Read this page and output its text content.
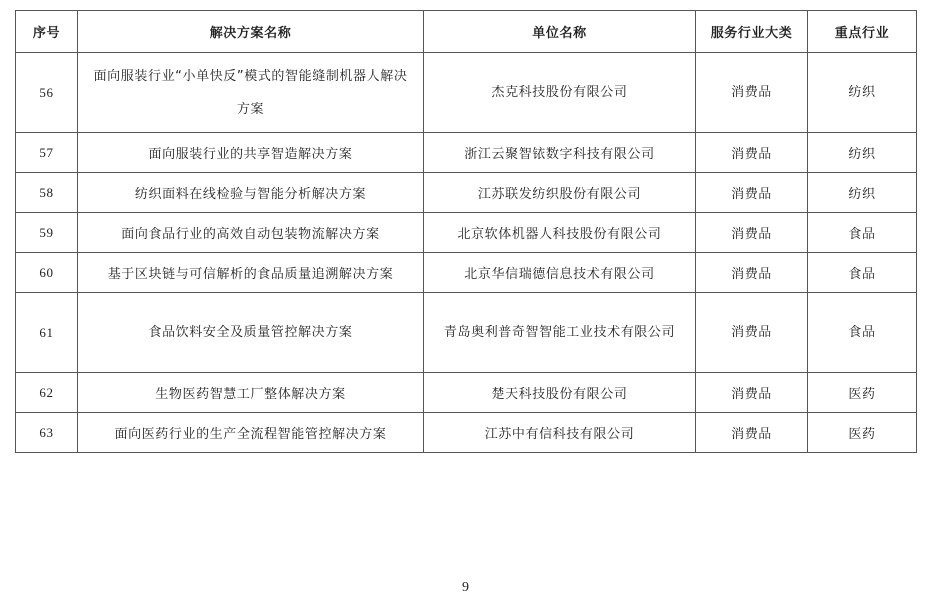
序号	解决方案名称	单位名称	服务行业大类	重点行业
56	面向服装行业“小单快反”模式的智能缝制机器人解决方案	杰克科技股份有限公司	消费品	纺织
57	面向服装行业的共享智造解决方案	浙江云聚智铱数字科技有限公司	消费品	纺织
58	纺织面料在线检验与智能分析解决方案	江苏联发纺织股份有限公司	消费品	纺织
59	面向食品行业的高效自动包装物流解决方案	北京软体机器人科技股份有限公司	消费品	食品
60	基于区块链与可信解析的食品质量追溯解决方案	北京华信瑞德信息技术有限公司	消费品	食品
61	食品饮料安全及质量管控解决方案	青岛奥利普奇智智能工业技术有限公司	消费品	食品
62	生物医药智慧工厂整体解决方案	楚天科技股份有限公司	消费品	医药
63	面向医药行业的生产全流程智能管控解决方案	江苏中有信科技有限公司	消费品	医药
9
